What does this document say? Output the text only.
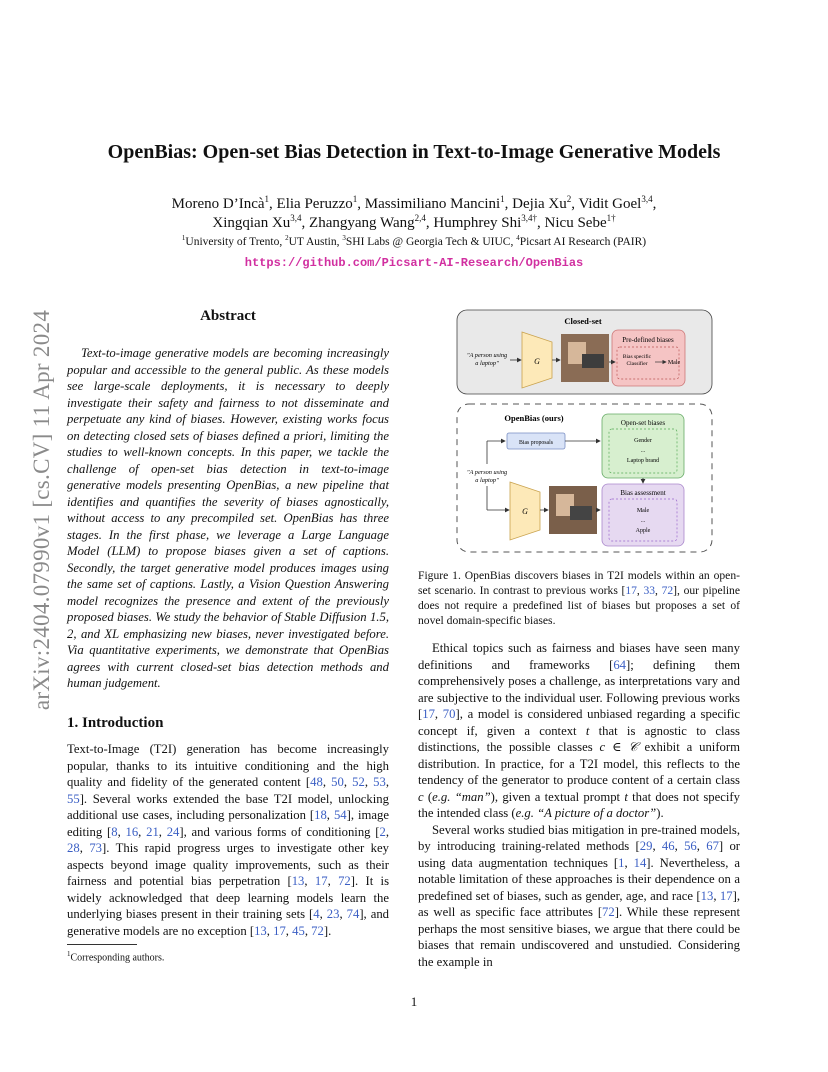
arXiv:2404.07990v1 [cs.CV] 11 Apr 2024
OpenBias: Open-set Bias Detection in Text-to-Image Generative Models
Moreno D’Incà$^1$, Elia Peruzzo$^1$, Massimiliano Mancini$^1$, Dejia Xu$^2$, Vidit Goel$^{3,4}$,
Xingqian Xu$^{3,4}$, Zhangyang Wang$^{2,4}$, Humphrey Shi$^{3,4\dagger}$, Nicu Sebe$^{1\dagger}$
$^1$University of Trento, $^2$UT Austin, $^3$SHI Labs @ Georgia Tech & UIUC, $^4$Picsart AI Research (PAIR)
https://github.com/Picsart-AI-Research/OpenBias
Abstract

Text-to-image generative models are becoming increasingly popular and accessible to the general public. As these models see large-scale deployments, it is necessary to deeply investigate their safety and fairness to not disseminate and perpetuate any kind of biases. However, existing works focus on detecting closed sets of biases defined a priori, limiting the studies to well-known concepts. In this paper, we tackle the challenge of open-set bias detection in text-to-image generative models presenting OpenBias, a new pipeline that identifies and quantifies the severity of biases agnostically, without access to any precompiled set. OpenBias has three stages. In the first phase, we leverage a Large Language Model (LLM) to propose biases given a set of captions. Secondly, the target generative model produces images using the same set of captions. Lastly, a Vision Question Answering model recognizes the presence and extent of the previously proposed biases. We study the behavior of Stable Diffusion 1.5, 2, and XL emphasizing new biases, never investigated before. Via quantitative experiments, we demonstrate that OpenBias agrees with current closed-set bias detection methods and human judgement.

1. Introduction

Text-to-Image (T2I) generation has become increasingly popular, thanks to its intuitive conditioning and the high quality and fidelity of the generated content [48, 50, 52, 53, 55]. Several works extended the base T2I model, unlocking additional use cases, including personalization [18, 54], image editing [8, 16, 21, 24], and various forms of conditioning [2, 28, 73]. This rapid progress urges to investigate other key aspects beyond image quality improvements, such as their fairness and potential bias perpetration [13, 17, 72]. It is widely acknowledged that deep learning models learn the underlying biases present in their training sets [4, 23, 74], and generative models are no exception [13, 17, 45, 72].

$^1$Corresponding authors.
1
Closed-set
"A person using a laptop"	G
Pre-defined biases
Bias specific Classifier	Male
OpenBias (ours)
Bias proposals
Open-set biases
Gender
...
Laptop brand
"A person using a laptop"
G
Bias assessment
Male
...
Apple
Figure 1. OpenBias discovers biases in T2I models within an open-set scenario. In contrast to previous works [17, 33, 72], our pipeline does not require a predefined list of biases but proposes a set of novel domain-specific biases.

Ethical topics such as fairness and biases have seen many definitions and frameworks [64]; defining them comprehensively poses a challenge, as interpretations vary and are subjective to the individual user. Following previous works [17, 70], a model is considered unbiased regarding a specific concept if, given a context t that is agnostic to class distinctions, the possible classes c ∈ 𝒞 exhibit a uniform distribution. In practice, for a T2I model, this reflects to the tendency of the generator to produce content of a certain class c (e.g. “man”), given a textual prompt t that does not specify the intended class (e.g. “A picture of a doctor”).

Several works studied bias mitigation in pre-trained models, by introducing training-related methods [29, 46, 56, 67] or using data augmentation techniques [1, 14]. Nevertheless, a notable limitation of these approaches is their dependence on a predefined set of biases, such as gender, age, and race [13, 17], as well as specific face attributes [72]. While these represent perhaps the most sensitive biases, we argue that there could be biases that remain undiscovered and unstudied. Considering the example in
